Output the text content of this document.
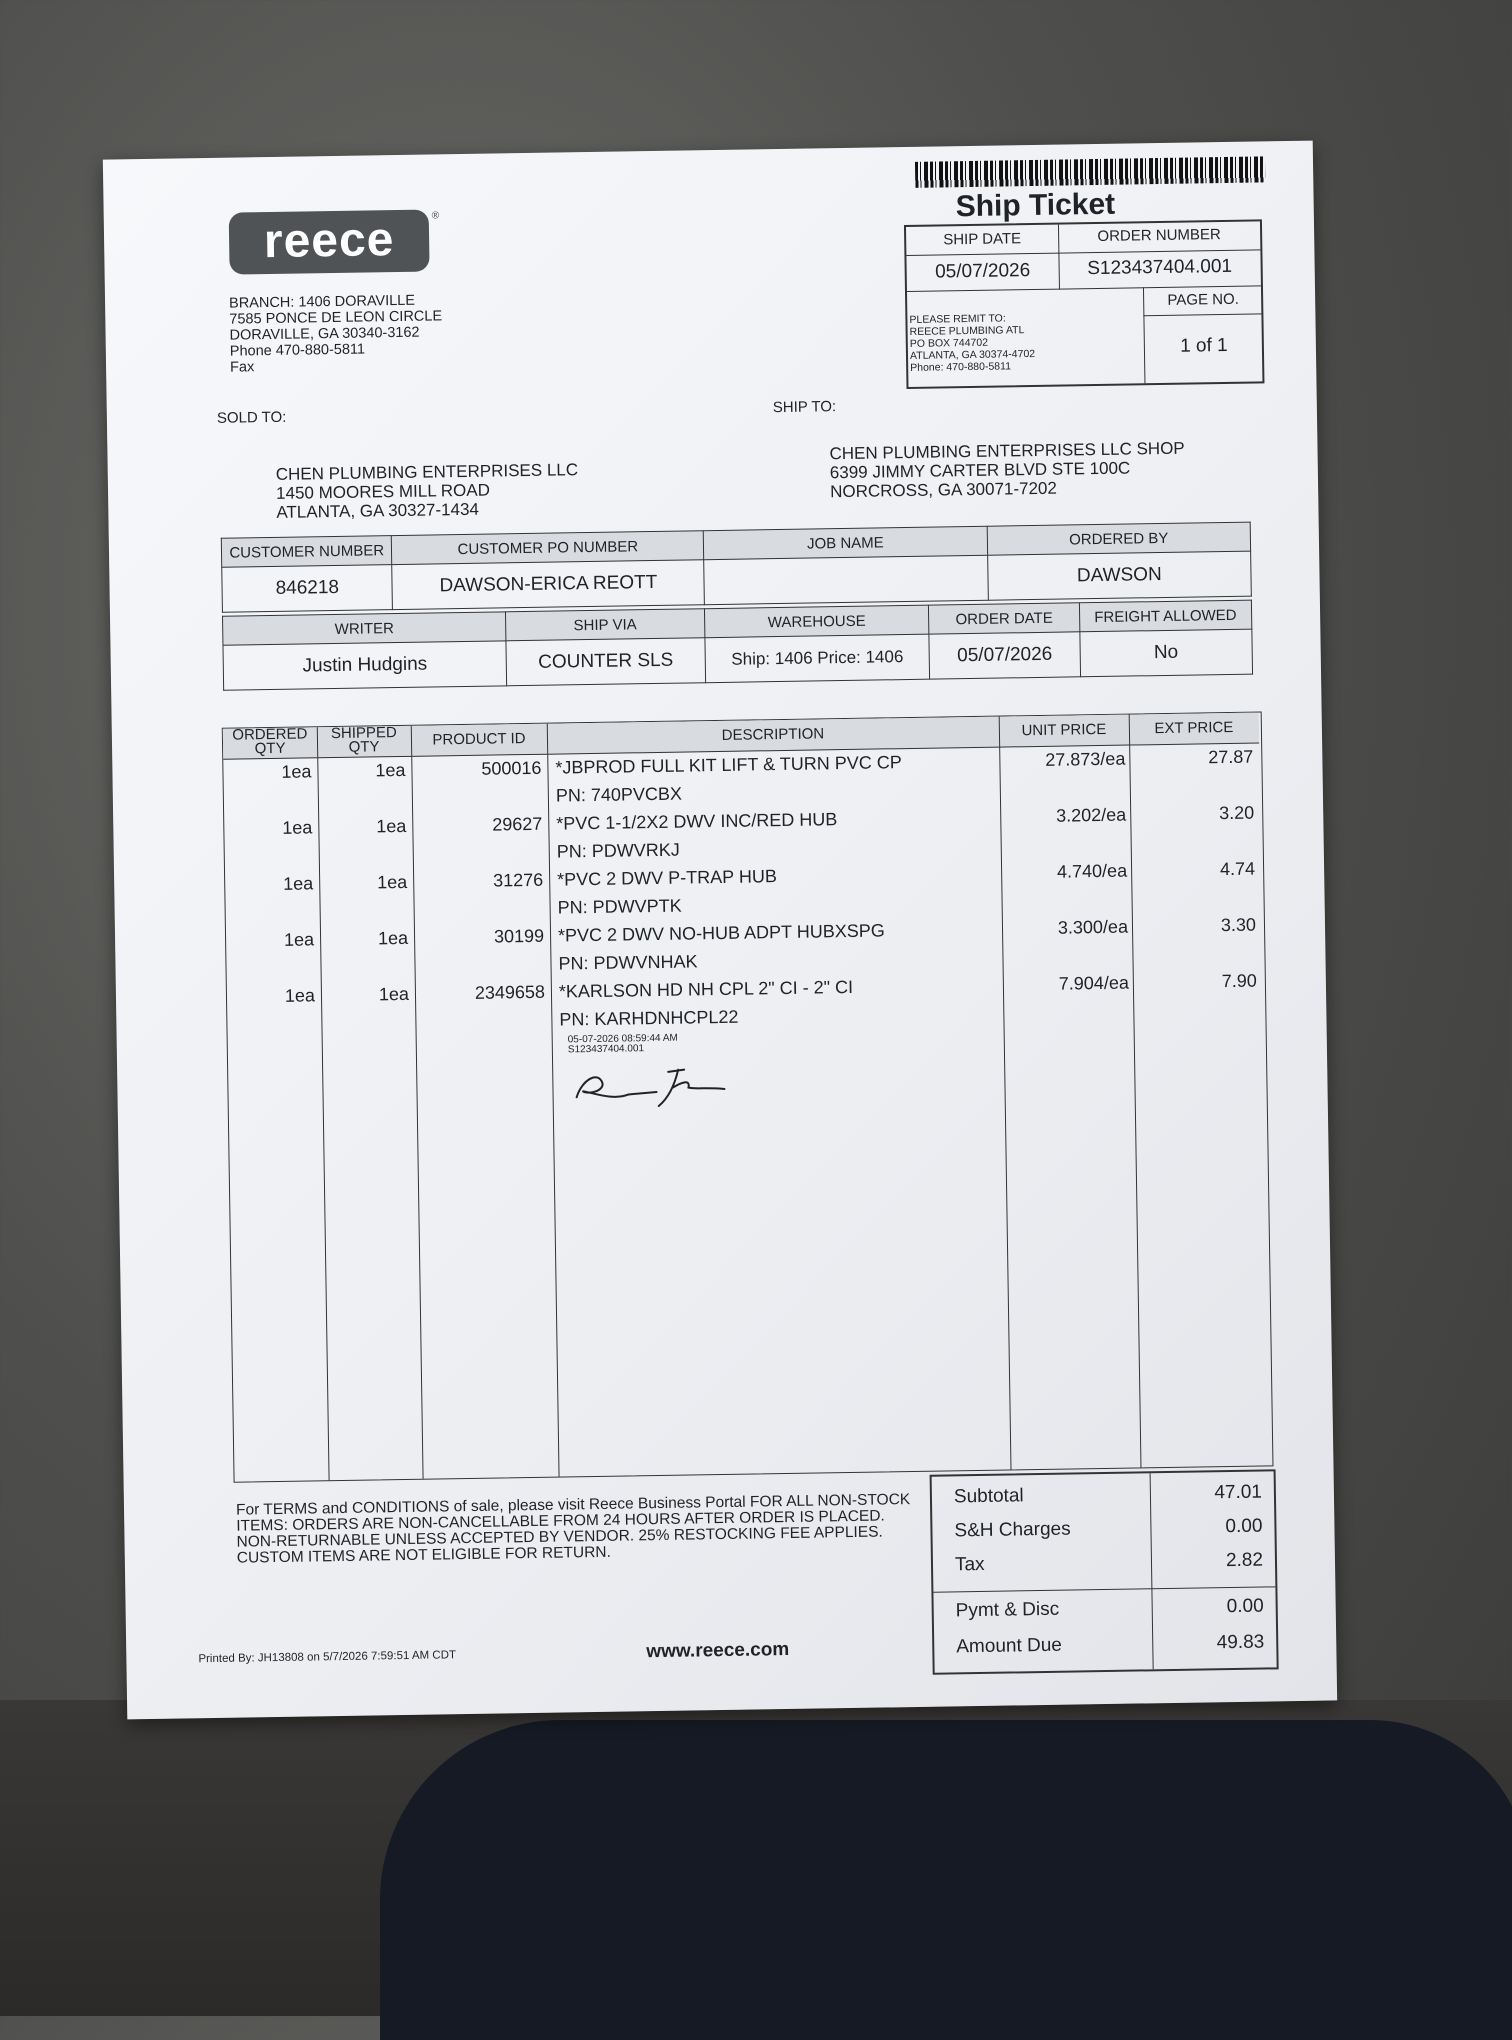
reece	®
BRANCH: 1406 DORAVILLE
7585 PONCE DE LEON CIRCLE
DORAVILLE, GA 30340-3162
Phone 470-880-5811
Fax
Ship Ticket
SHIP DATE	ORDER NUMBER
05/07/2026	S123437404.001
PAGE NO.
1 of 1
PLEASE REMIT TO:
REECE PLUMBING ATL
PO BOX 744702
ATLANTA, GA 30374-4702
Phone: 470-880-5811
SOLD TO:
CHEN PLUMBING ENTERPRISES LLC
1450 MOORES MILL ROAD
ATLANTA, GA 30327-1434
SHIP TO:
CHEN PLUMBING ENTERPRISES LLC SHOP
6399 JIMMY CARTER BLVD STE 100C
NORCROSS, GA 30071-7202
CUSTOMER NUMBER	CUSTOMER PO NUMBER	JOB NAME	ORDERED BY
846218	DAWSON-ERICA REOTT		DAWSON
WRITER	SHIP VIA	WAREHOUSE	ORDER DATE	FREIGHT ALLOWED
Justin Hudgins	COUNTER SLS	Ship: 1406 Price: 1406	05/07/2026	No
ORDERED
QTY
SHIPPED
QTY	PRODUCT ID	DESCRIPTION	UNIT PRICE	EXT PRICE
1ea	1ea	500016 *JBPROD FULL KIT LIFT & TURN PVC CP	27.873/ea	27.87
PN: 740PVCBX
1ea	1ea	29627 *PVC 1-1/2X2 DWV INC/RED HUB	3.202/ea	3.20
PN: PDWVRKJ
1ea	1ea	31276 *PVC 2 DWV P-TRAP HUB	4.740/ea	4.74
PN: PDWVPTK
1ea	1ea	30199 *PVC 2 DWV NO-HUB ADPT HUBXSPG	3.300/ea	3.30
PN: PDWVNHAK
1ea	1ea	2349658 *KARLSON HD NH CPL 2" CI - 2" CI	7.904/ea	7.90
PN: KARHDNHCPL22
05-07-2026 08:59:44 AM
S123437404.001
For TERMS and CONDITIONS of sale, please visit Reece Business Portal FOR ALL NON-STOCK ITEMS: ORDERS ARE NON-CANCELLABLE FROM 24 HOURS AFTER ORDER IS PLACED. NON-RETURNABLE UNLESS ACCEPTED BY VENDOR. 25% RESTOCKING FEE APPLIES. CUSTOM ITEMS ARE NOT ELIGIBLE FOR RETURN.
Subtotal	47.01
S&H Charges	0.00
Tax	2.82
Pymt & Disc	0.00
Amount Due	49.83
www.reece.com
Printed By: JH13808 on 5/7/2026 7:59:51 AM CDT
